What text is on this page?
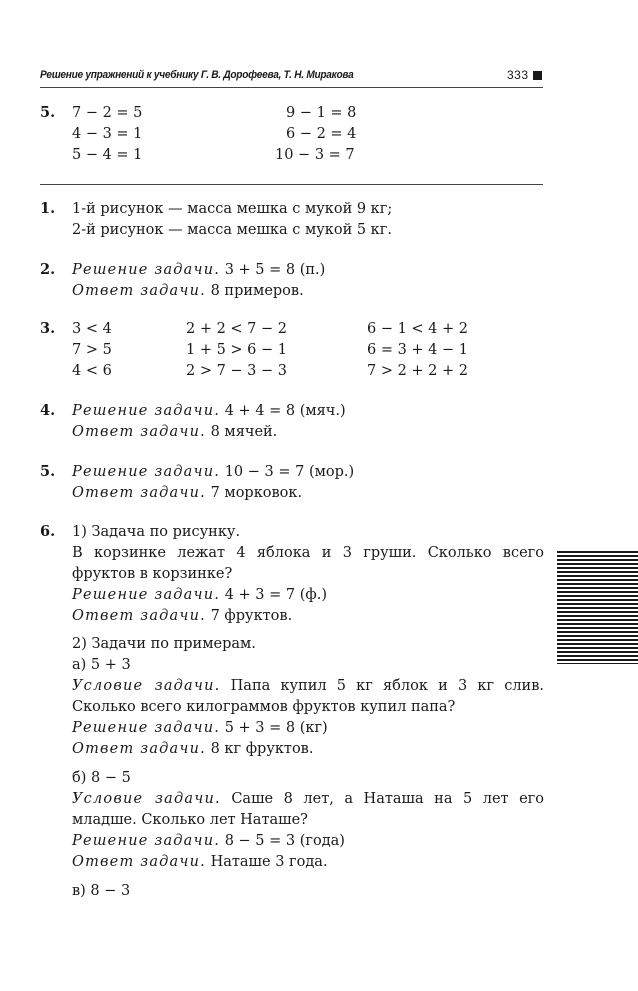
Решение упражнений к учебнику Г. В. Дорофеева, Т. Н. Миракова	333
5. 7 − 2 = 5
4 − 3 = 1
5 − 4 = 1
9 − 1 = 8
6 − 2 = 4
10 − 3 = 7
1. 1-й рисунок — масса мешка с мукой 9 кг;
2-й рисунок — масса мешка с мукой 5 кг.
2. Решение задачи. 3 + 5 = 8 (п.)
Ответ задачи. 8 примеров.
3. 3 < 4
7 > 5
4 < 6
2 + 2 < 7 − 2
1 + 5 > 6 − 1
2 > 7 − 3 − 3
6 − 1 < 4 + 2
6 = 3 + 4 − 1
7 > 2 + 2 + 2
4. Решение задачи. 4 + 4 = 8 (мяч.)
Ответ задачи. 8 мячей.
5. Решение задачи. 10 − 3 = 7 (мор.)
Ответ задачи. 7 морковок.
6. 1) Задача по рисунку.
В корзинке лежат 4 яблока и 3 груши. Сколько всего
фруктов в корзинке?
Решение задачи. 4 + 3 = 7 (ф.)
Ответ задачи. 7 фруктов.
2) Задачи по примерам.
а) 5 + 3
Условие задачи. Папа купил 5 кг яблок и 3 кг слив.
Сколько всего килограммов фруктов купил папа?
Решение задачи. 5 + 3 = 8 (кг)
Ответ задачи. 8 кг фруктов.
б) 8 − 5
Условие задачи. Саше 8 лет, а Наташа на 5 лет его
младше. Сколько лет Наташе?
Решение задачи. 8 − 5 = 3 (года)
Ответ задачи. Наташе 3 года.
в) 8 − 3
